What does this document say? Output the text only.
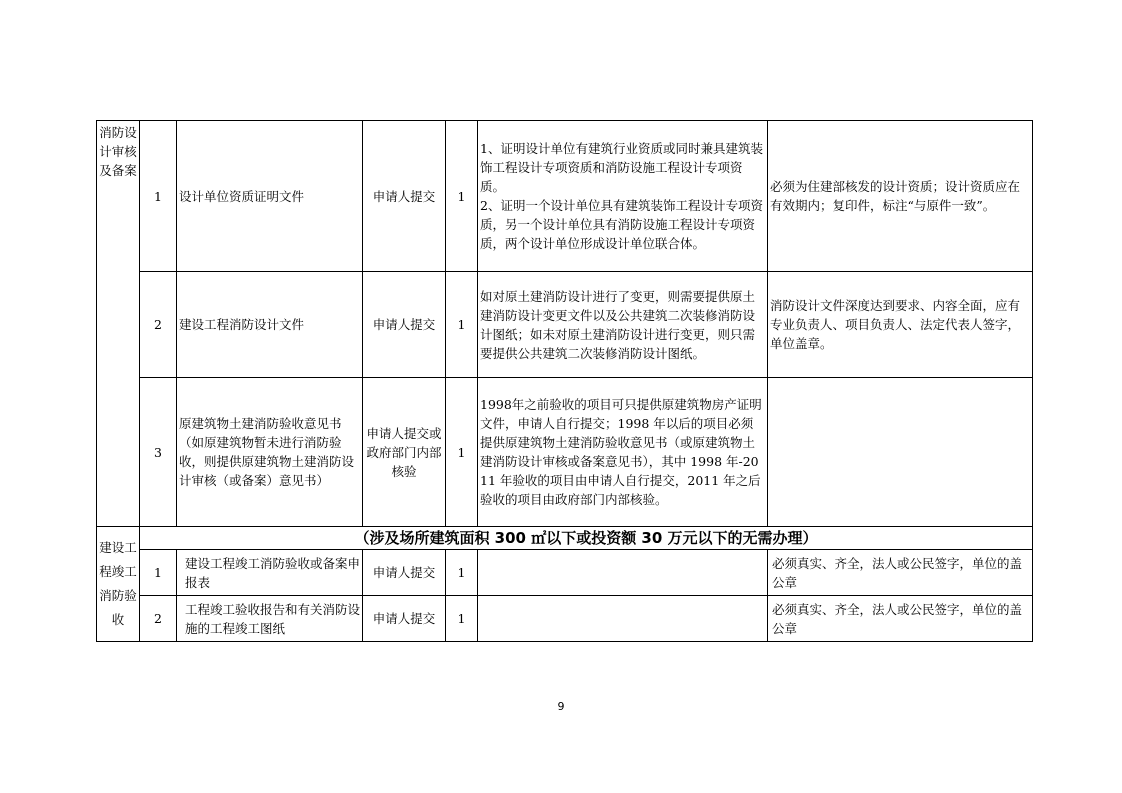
消防设计审核及备案	1	设计单位资质证明文件	申请人提交	1	1、证明设计单位有建筑行业资质或同时兼具建筑装饰工程设计专项资质和消防设施工程设计专项资质。
2、证明一个设计单位具有建筑装饰工程设计专项资质，另一个设计单位具有消防设施工程设计专项资质，两个设计单位形成设计单位联合体。	必须为住建部核发的设计资质；设计资质应在有效期内；复印件，标注“与原件一致”。
	2	建设工程消防设计文件	申请人提交	1	如对原土建消防设计进行了变更，则需要提供原土建消防设计变更文件以及公共建筑二次装修消防设计图纸；如未对原土建消防设计进行变更，则只需要提供公共建筑二次装修消防设计图纸。	消防设计文件深度达到要求、内容全面，应有专业负责人、项目负责人、法定代表人签字，单位盖章。
	3	原建筑物土建消防验收意见书（如原建筑物暂未进行消防验收，则提供原建筑物土建消防设计审核（或备案）意见书）	申请人提交或政府部门内部核验	1	1998年之前验收的项目可只提供原建筑物房产证明文件，申请人自行提交；1998 年以后的项目必须提供原建筑物土建消防验收意见书（或原建筑物土建消防设计审核或备案意见书），其中 1998 年-2011 年验收的项目由申请人自行提交，2011 年之后验收的项目由政府部门内部核验。	
建设工程竣工消防验收	（涉及场所建筑面积 300 ㎡以下或投资额 30 万元以下的无需办理）					
	1	建设工程竣工消防验收或备案申报表	申请人提交	1		必须真实、齐全，法人或公民签字，单位的盖公章
	2	工程竣工验收报告和有关消防设施的工程竣工图纸	申请人提交	1		必须真实、齐全，法人或公民签字，单位的盖公章
9
